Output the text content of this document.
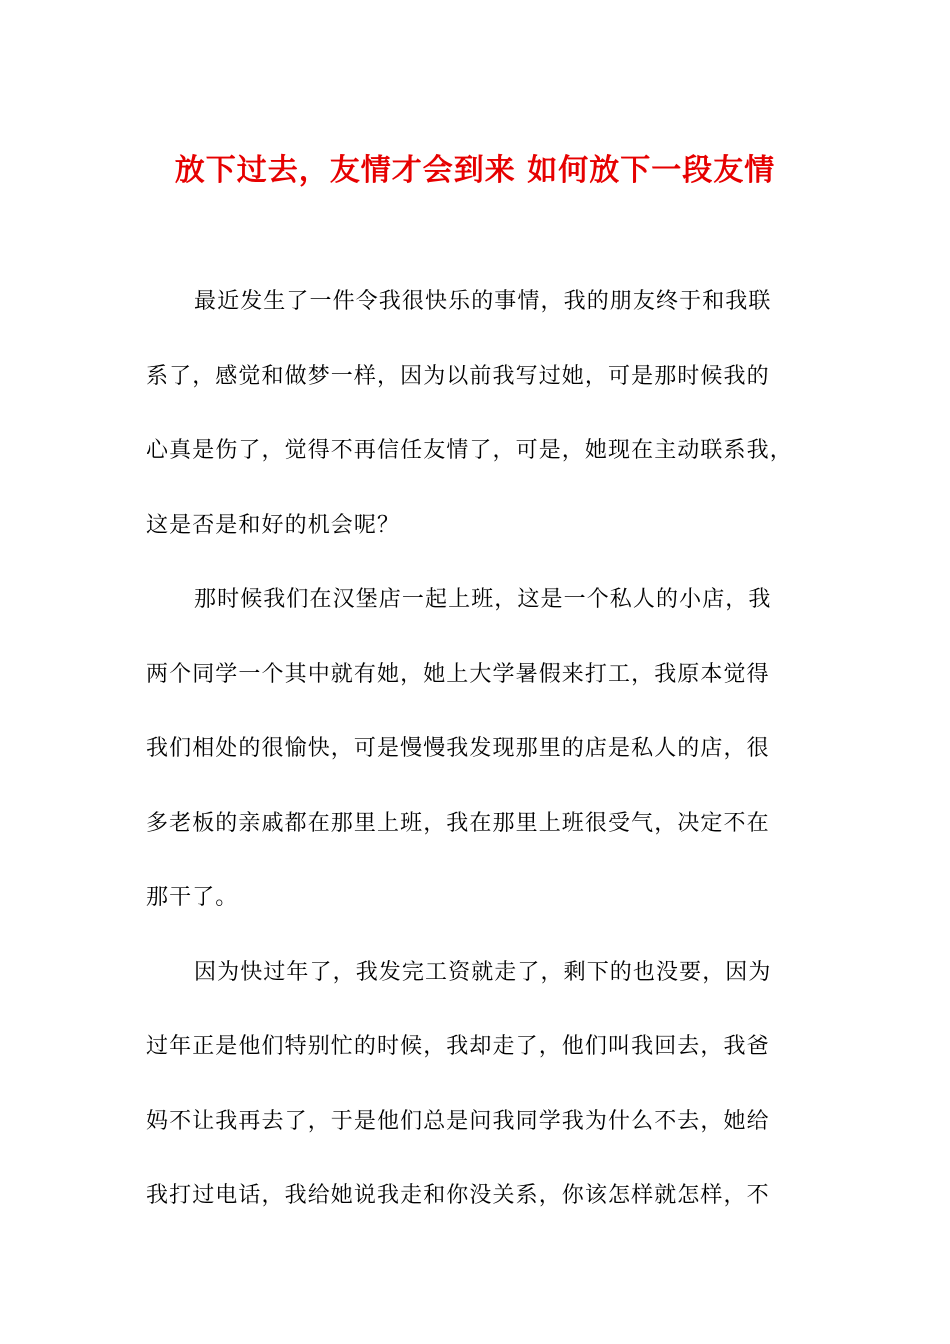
放下过去，友情才会到来 如何放下一段友情
最近发生了一件令我很快乐的事情，我的朋友终于和我联
系了，感觉和做梦一样，因为以前我写过她，可是那时候我的
心真是伤了，觉得不再信任友情了，可是，她现在主动联系我，
这是否是和好的机会呢？
那时候我们在汉堡店一起上班，这是一个私人的小店，我
两个同学一个其中就有她，她上大学暑假来打工，我原本觉得
我们相处的很愉快，可是慢慢我发现那里的店是私人的店，很
多老板的亲戚都在那里上班，我在那里上班很受气，决定不在
那干了。
因为快过年了，我发完工资就走了，剩下的也没要，因为
过年正是他们特别忙的时候，我却走了，他们叫我回去，我爸
妈不让我再去了，于是他们总是问我同学我为什么不去，她给
我打过电话，我给她说我走和你没关系，你该怎样就怎样，不
